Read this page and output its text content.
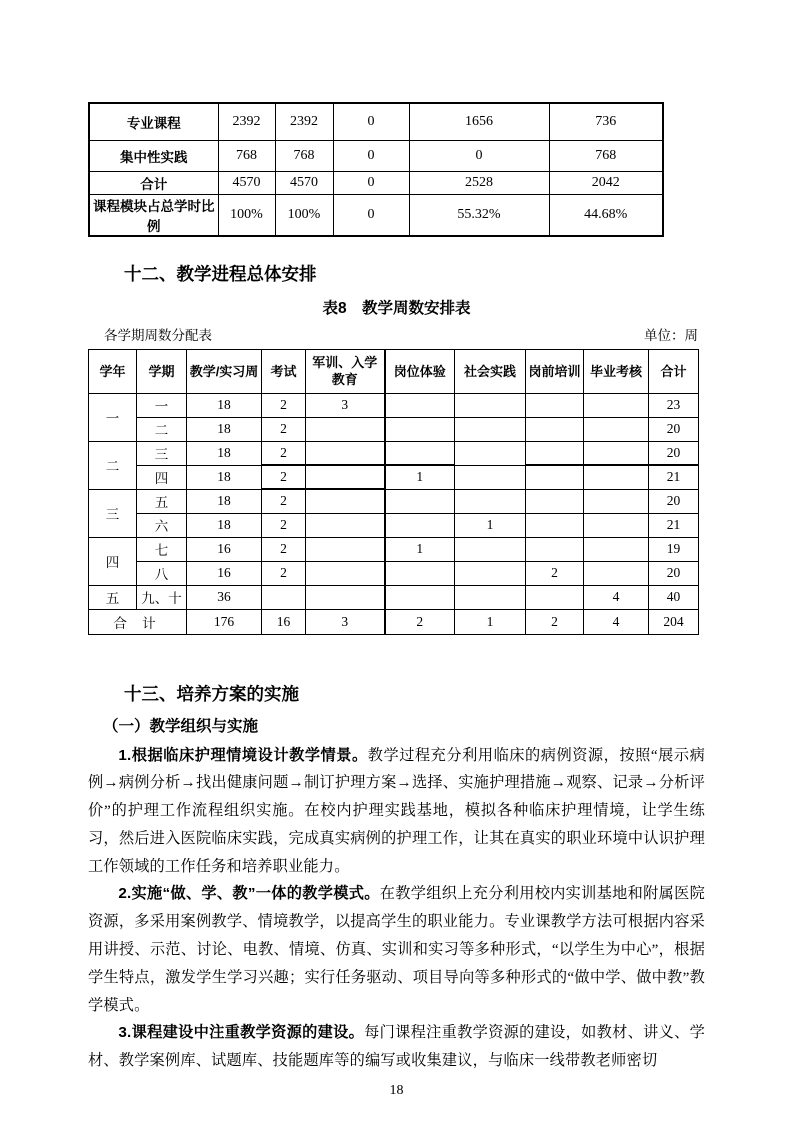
专业课程	2392	2392	0	1656	736
集中性实践	768	768	0	0	768
合计	4570	4570	0	2528	2042
课程模块占总学时比例	100%	100%	0	55.32%	44.68%
十二、教学进程总体安排
表8　教学周数安排表
各学期周数分配表	单位：周
学年	学期	教学/实习周	考试	军训、入学教育	岗位体验	社会实践	岗前培训	毕业考核	合计
一	一	18	2	3					23
	二	18	2						20
二	三	18	2						20
	四	18	2		1				21
三	五	18	2						20
	六	18	2			1			21
四	七	16	2		1				19
	八	16	2				2		20
五	九、十	36						4	40
合 计		176	16	3	2	1	2	4	204
十三、培养方案的实施
（一）教学组织与实施

1.根据临床护理情境设计教学情景。教学过程充分利用临床的病例资源，按照“展示病例→病例分析→找出健康问题→制订护理方案→选择、实施护理措施→观察、记录→分析评价”的护理工作流程组织实施。在校内护理实践基地，模拟各种临床护理情境，让学生练习，然后进入医院临床实践，完成真实病例的护理工作，让其在真实的职业环境中认识护理工作领域的工作任务和培养职业能力。

2.实施“做、学、教”一体的教学模式。在教学组织上充分利用校内实训基地和附属医院资源，多采用案例教学、情境教学，以提高学生的职业能力。专业课教学方法可根据内容采用讲授、示范、讨论、电教、情境、仿真、实训和实习等多种形式，“以学生为中心”，根据学生特点，激发学生学习兴趣；实行任务驱动、项目导向等多种形式的“做中学、做中教”教学模式。

3.课程建设中注重教学资源的建设。每门课程注重教学资源的建设，如教材、讲义、学材、教学案例库、试题库、技能题库等的编写或收集建议，与临床一线带教老师密切

18
